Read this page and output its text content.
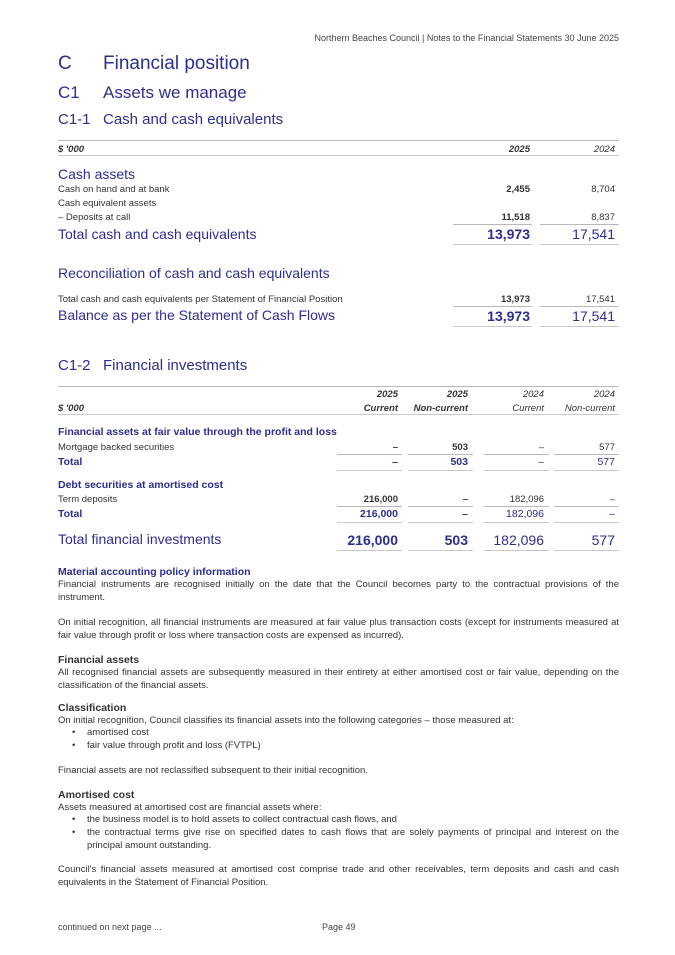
Northern Beaches Council | Notes to the Financial Statements 30 June 2025
C Financial position
C1 Assets we manage
C1-1 Cash and cash equivalents
$ '000	2025	2024
Cash assets
Cash on hand and at bank	2,455	8,704
Cash equivalent assets
– Deposits at call	11,518	8,837
Total cash and cash equivalents	13,973	17,541
Reconciliation of cash and cash equivalents
Total cash and cash equivalents per Statement of Financial Position	13,973	17,541
Balance as per the Statement of Cash Flows	13,973	17,541
C1-2 Financial investments
2025	2025	2024	2024
$ '000	Current	Non-current	Current	Non-current
Financial assets at fair value through the profit and loss
Mortgage backed securities	–	503	–	577
Total	–	503	–	577
Debt securities at amortised cost
Term deposits	216,000	–	182,096	–
Total	216,000	–	182,096	–
Total financial investments	216,000	503	182,096	577
Material accounting policy information
Financial instruments are recognised initially on the date that the Council becomes party to the contractual provisions of the instrument.
On initial recognition, all financial instruments are measured at fair value plus transaction costs (except for instruments measured at fair value through profit or loss where transaction costs are expensed as incurred).
Financial assets
All recognised financial assets are subsequently measured in their entirety at either amortised cost or fair value, depending on the classification of the financial assets.
Classification
On initial recognition, Council classifies its financial assets into the following categories – those measured at:
• amortised cost
• fair value through profit and loss (FVTPL)
Financial assets are not reclassified subsequent to their initial recognition.
Amortised cost
Assets measured at amortised cost are financial assets where:
• the business model is to hold assets to collect contractual cash flows, and
• the contractual terms give rise on specified dates to cash flows that are solely payments of principal and interest on the principal amount outstanding.
Council's financial assets measured at amortised cost comprise trade and other receivables, term deposits and cash and cash equivalents in the Statement of Financial Position.
continued on next page ...	Page 49
